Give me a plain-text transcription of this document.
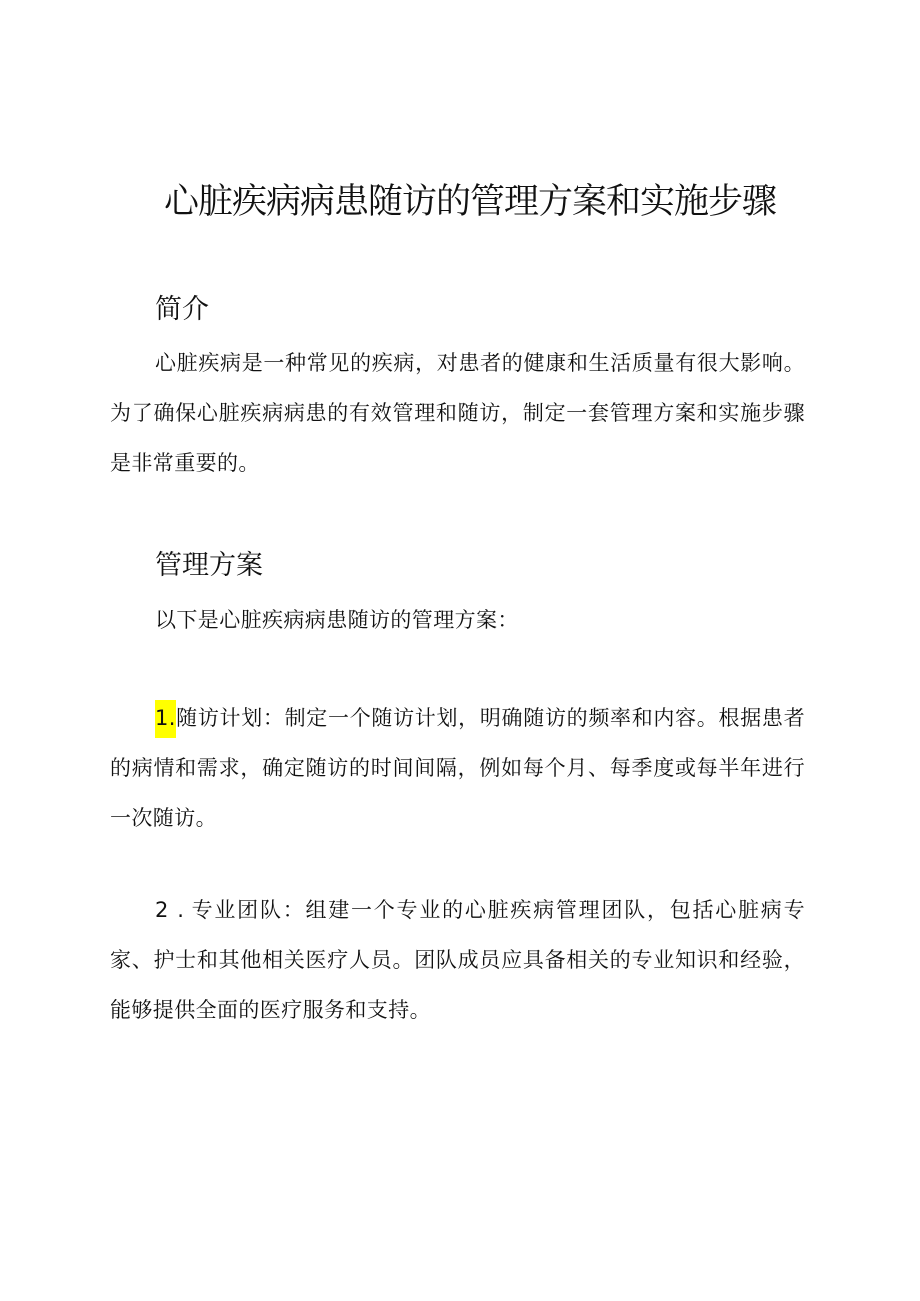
心脏疾病病患随访的管理方案和实施步骤
简介

心脏疾病是一种常见的疾病，对患者的健康和生活质量有很大影响。为了确保心脏疾病病患的有效管理和随访，制定一套管理方案和实施步骤是非常重要的。

管理方案

以下是心脏疾病病患随访的管理方案：

1.随访计划：制定一个随访计划，明确随访的频率和内容。根据患者的病情和需求，确定随访的时间间隔，例如每个月、每季度或每半年进行一次随访。

2 . 专业团队：组建一个专业的心脏疾病管理团队，包括心脏病专家、护士和其他相关医疗人员。团队成员应具备相关的专业知识和经验，能够提供全面的医疗服务和支持。
